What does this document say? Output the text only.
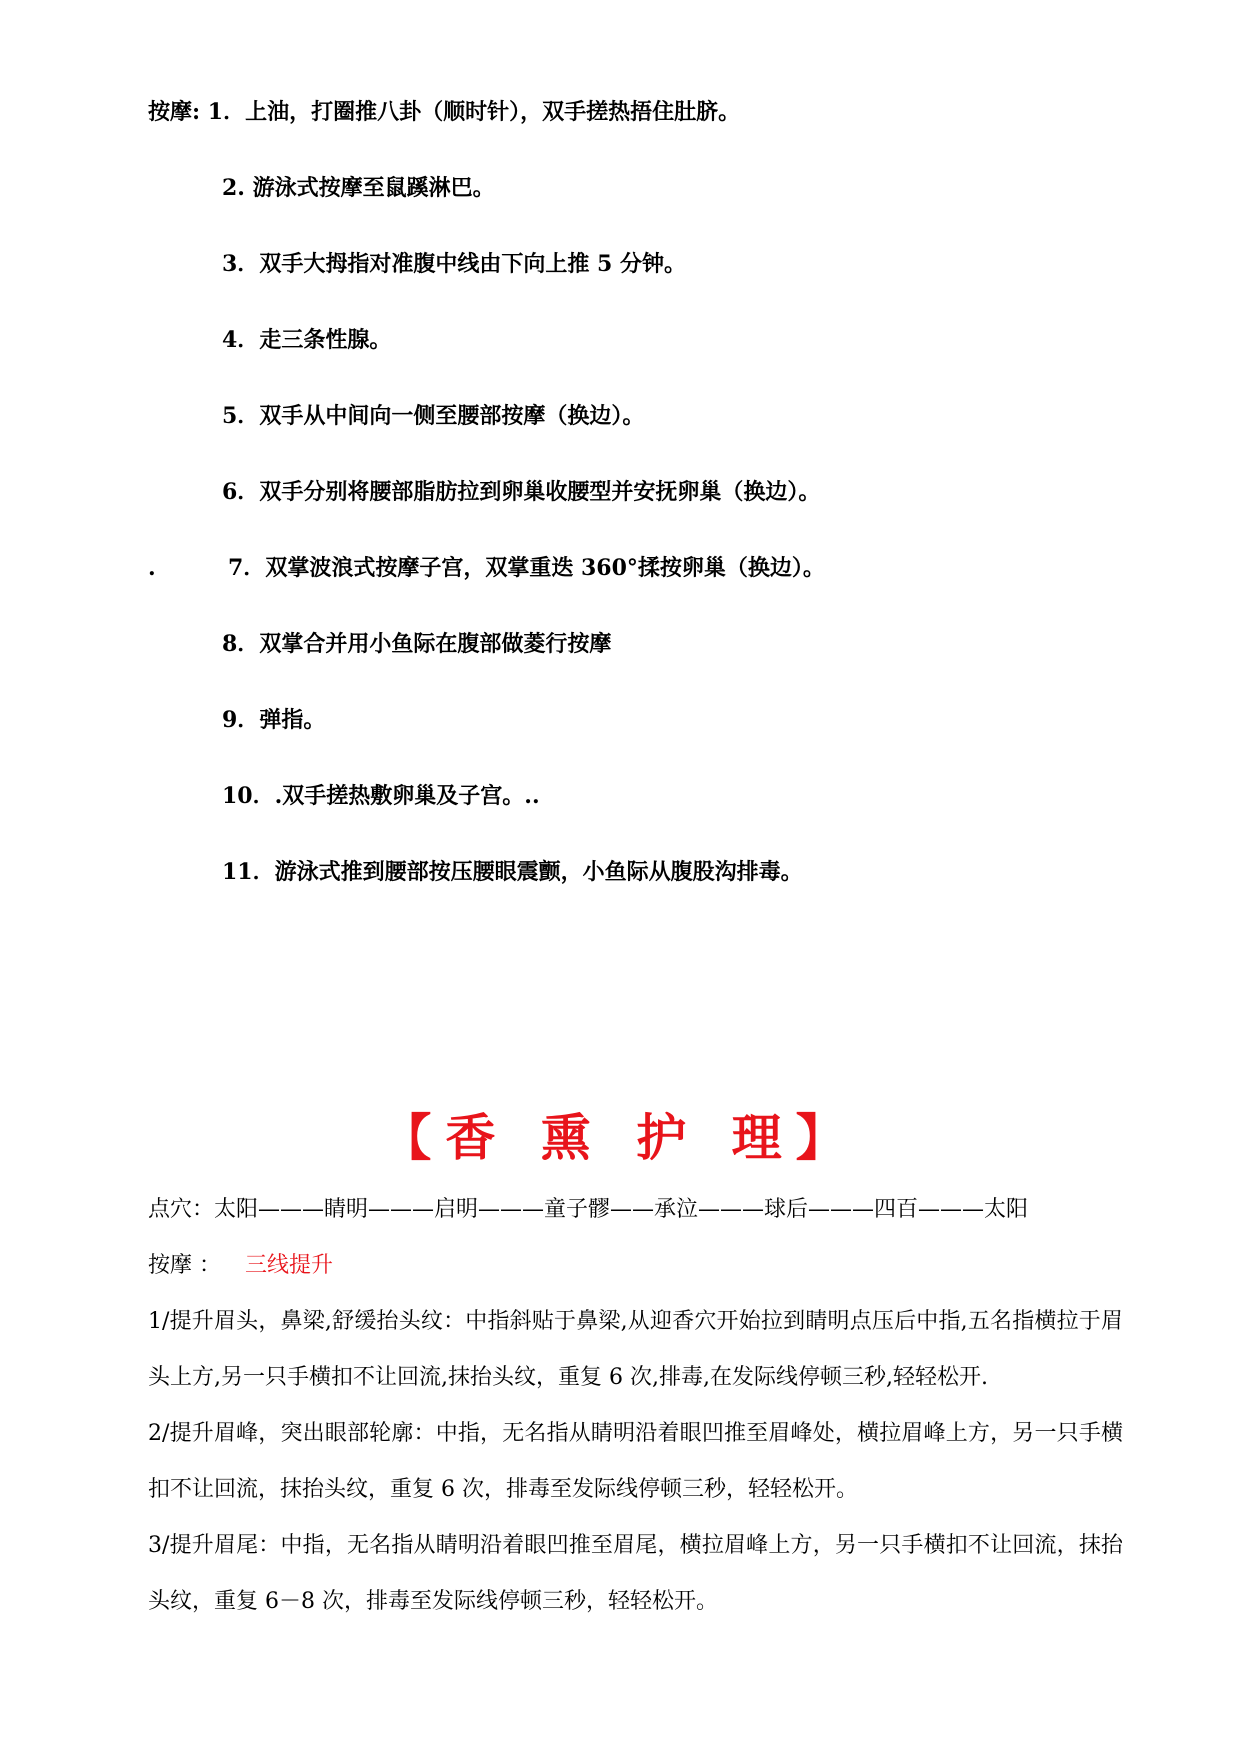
按摩: 1．上油，打圈推八卦（顺时针），双手搓热捂住肚脐。
2. 游泳式按摩至鼠蹊淋巴。
3．双手大拇指对准腹中线由下向上推 5 分钟。
4．走三条性腺。
5．双手从中间向一侧至腰部按摩（换边）。
6．双手分别将腰部脂肪拉到卵巢收腰型并安抚卵巢（换边）。
.	7．双掌波浪式按摩子宫，双掌重迭 360°揉按卵巢（换边）。
8．双掌合并用小鱼际在腹部做菱行按摩
9．弹指。
10．.双手搓热敷卵巢及子宫。..
11．游泳式推到腰部按压腰眼震颤，小鱼际从腹股沟排毒。
【香 熏 护 理】
点穴：太阳———睛明———启明———童子髎——承泣———球后———四百———太阳
按摩 ： 三线提升
1/提升眉头，鼻梁,舒缓抬头纹：中指斜贴于鼻梁,从迎香穴开始拉到睛明点压后中指,五名指横拉于眉头上方,另一只手横扣不让回流,抹抬头纹，重复 6 次,排毒,在发际线停顿三秒,轻轻松开.
2/提升眉峰，突出眼部轮廓：中指，无名指从睛明沿着眼凹推至眉峰处，横拉眉峰上方，另一只手横扣不让回流，抹抬头纹，重复 6 次，排毒至发际线停顿三秒，轻轻松开。
3/提升眉尾：中指，无名指从睛明沿着眼凹推至眉尾，横拉眉峰上方，另一只手横扣不让回流，抹抬头纹，重复 6－8 次，排毒至发际线停顿三秒，轻轻松开。
